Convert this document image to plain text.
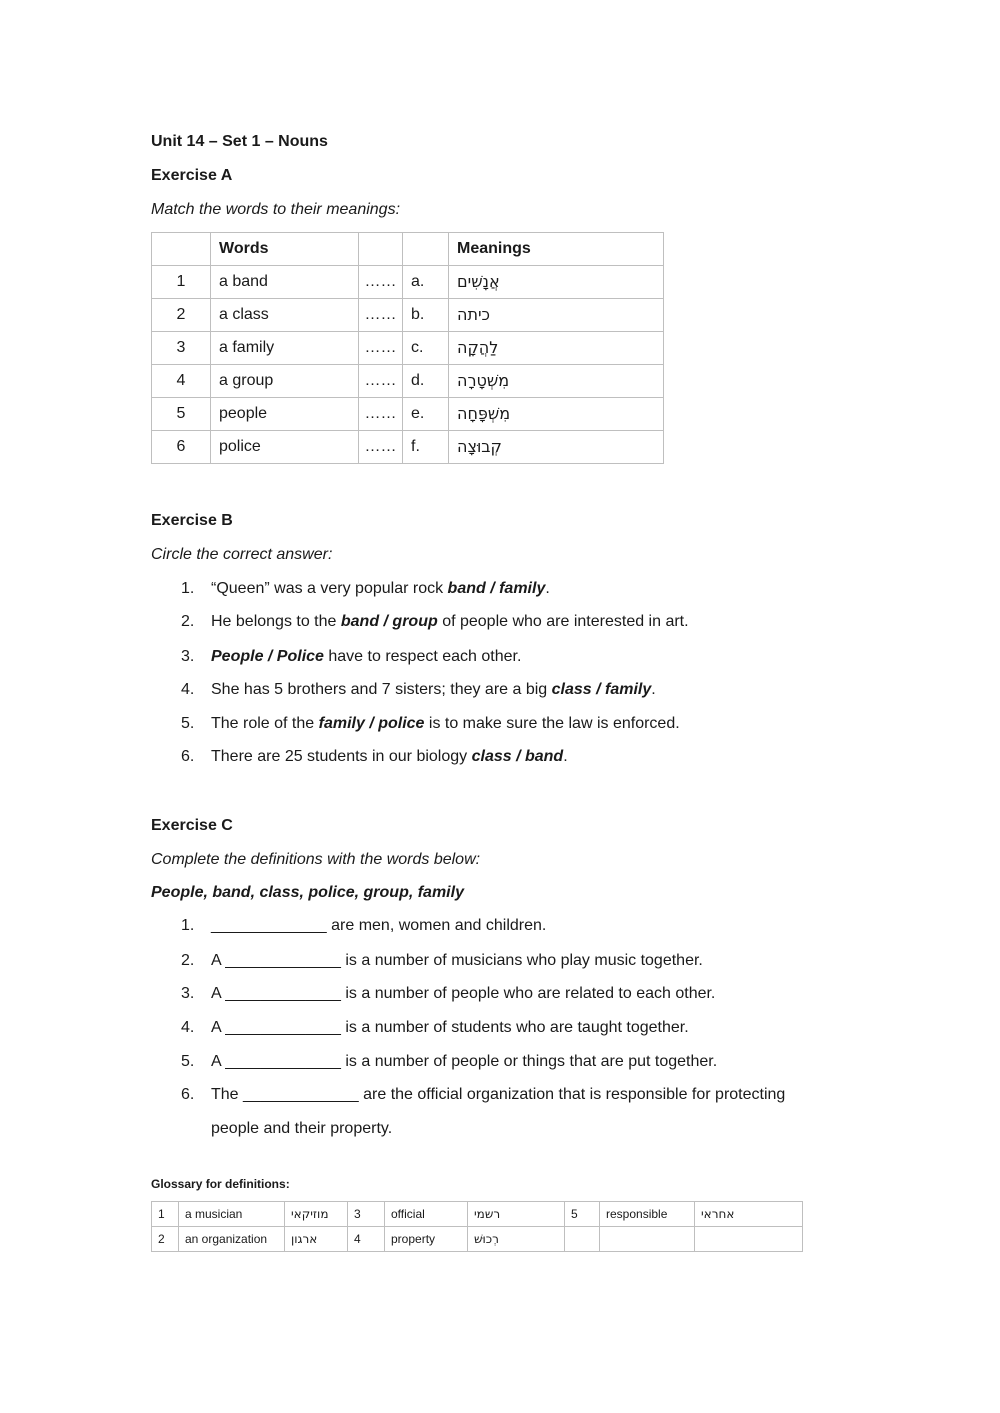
Unit 14 – Set 1 – Nouns
Exercise A
Match the words to their meanings:
	Words			Meanings
1	a band	……	a.	אֲנָשִׁים
2	a class	……	b.	כיתה
3	a family	……	c.	לַהֲקָה
4	a group	……	d.	מִשְׁטָרָה
5	people	……	e.	מִשְׁפָּחָה
6	police	……	f.	קְבוּצָה
Exercise B
Circle the correct answer:
1. “Queen” was a very popular rock band / family.
2. He belongs to the band / group of people who are interested in art.
3. People / Police have to respect each other.
4. She has 5 brothers and 7 sisters; they are a big class / family.
5. The role of the family / police is to make sure the law is enforced.
6. There are 25 students in our biology class / band.
Exercise C
Complete the definitions with the words below:
People, band, class, police, group, family
1. _____________ are men, women and children.
2. A _____________ is a number of musicians who play music together.
3. A _____________ is a number of people who are related to each other.
4. A _____________ is a number of students who are taught together.
5. A _____________ is a number of people or things that are put together.
6. The _____________ are the official organization that is responsible for protecting
people and their property.
Glossary for definitions:
1	a musician	מוזיקאי	3	official	רשמי	5	responsible	אחראי
2	an organization	ארגון	4	property	רְכוּשׁ			
